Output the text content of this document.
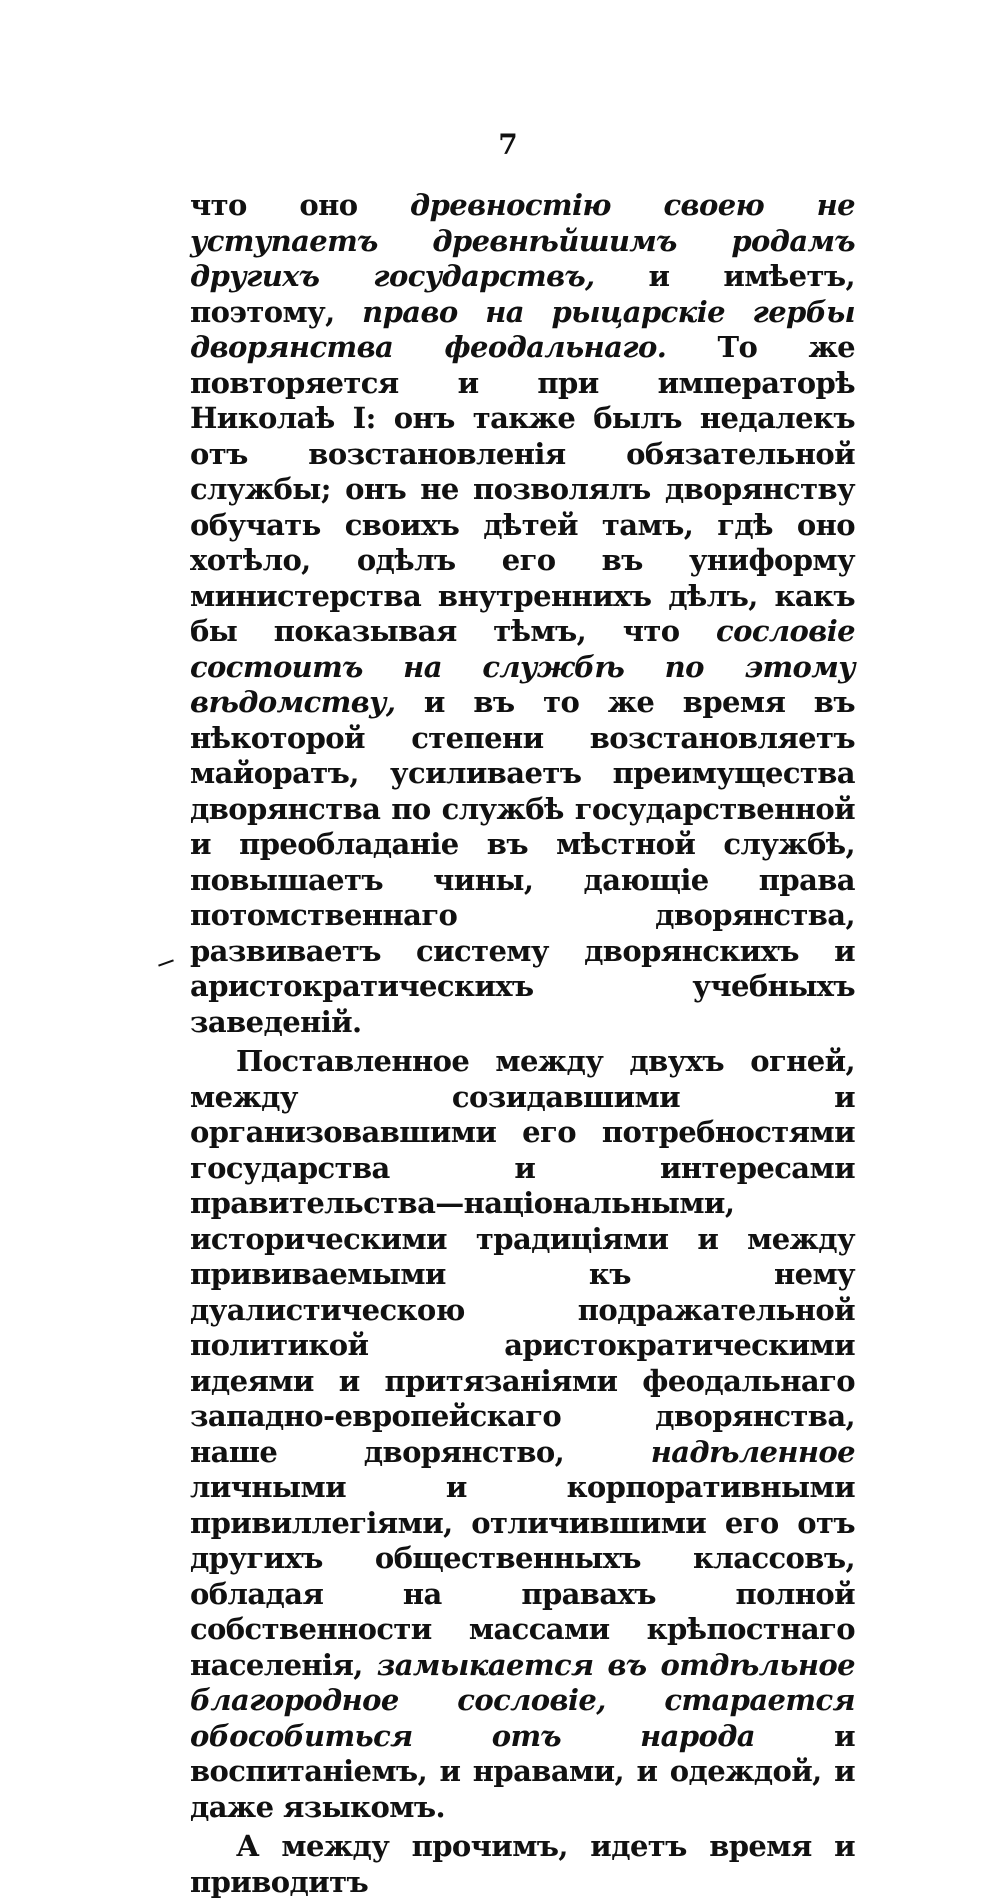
7

что оно древностію своею не уступаетъ древнѣйшимъ родамъ другихъ государствъ, и имѣетъ, поэтому, право на рыцарскіе гербы дворянства феодальнаго. То же повторяется и при императорѣ Николаѣ I: онъ также былъ недалекъ отъ возстановленія обязательной службы; онъ не позволялъ дворянству обучать своихъ дѣтей тамъ, гдѣ оно хотѣло, одѣлъ его въ униформу министерства внутреннихъ дѣлъ, какъ бы показывая тѣмъ, что сословіе состоитъ на службѣ по этому вѣдомству, и въ то же время въ нѣкоторой степени возстановляетъ майоратъ, усиливаетъ преимущества дворянства по службѣ государственной и преобладаніе въ мѣстной службѣ, повышаетъ чины, дающіе права потомственнаго дворянства, развиваетъ систему дворянскихъ и аристократическихъ учебныхъ заведеній.

Поставленное между двухъ огней, между созидавшими и организовавшими его потребностями государства и интересами правительства—національными, историческими традиціями и между прививаемыми къ нему дуалистическою подражательной политикой аристократическими идеями и притязаніями феодальнаго западно-европейскаго дворянства, наше дворянство, надѣленное личными и корпоративными привиллегіями, отличившими его отъ другихъ общественныхъ классовъ, обладая на правахъ полной собственности массами крѣпостнаго населенія, замыкается въ отдѣльное благородное сословіе, старается обособиться отъ народа и воспитаніемъ, и нравами, и одеждой, и даже языкомъ.

А между прочимъ, идетъ время и приводитъ
